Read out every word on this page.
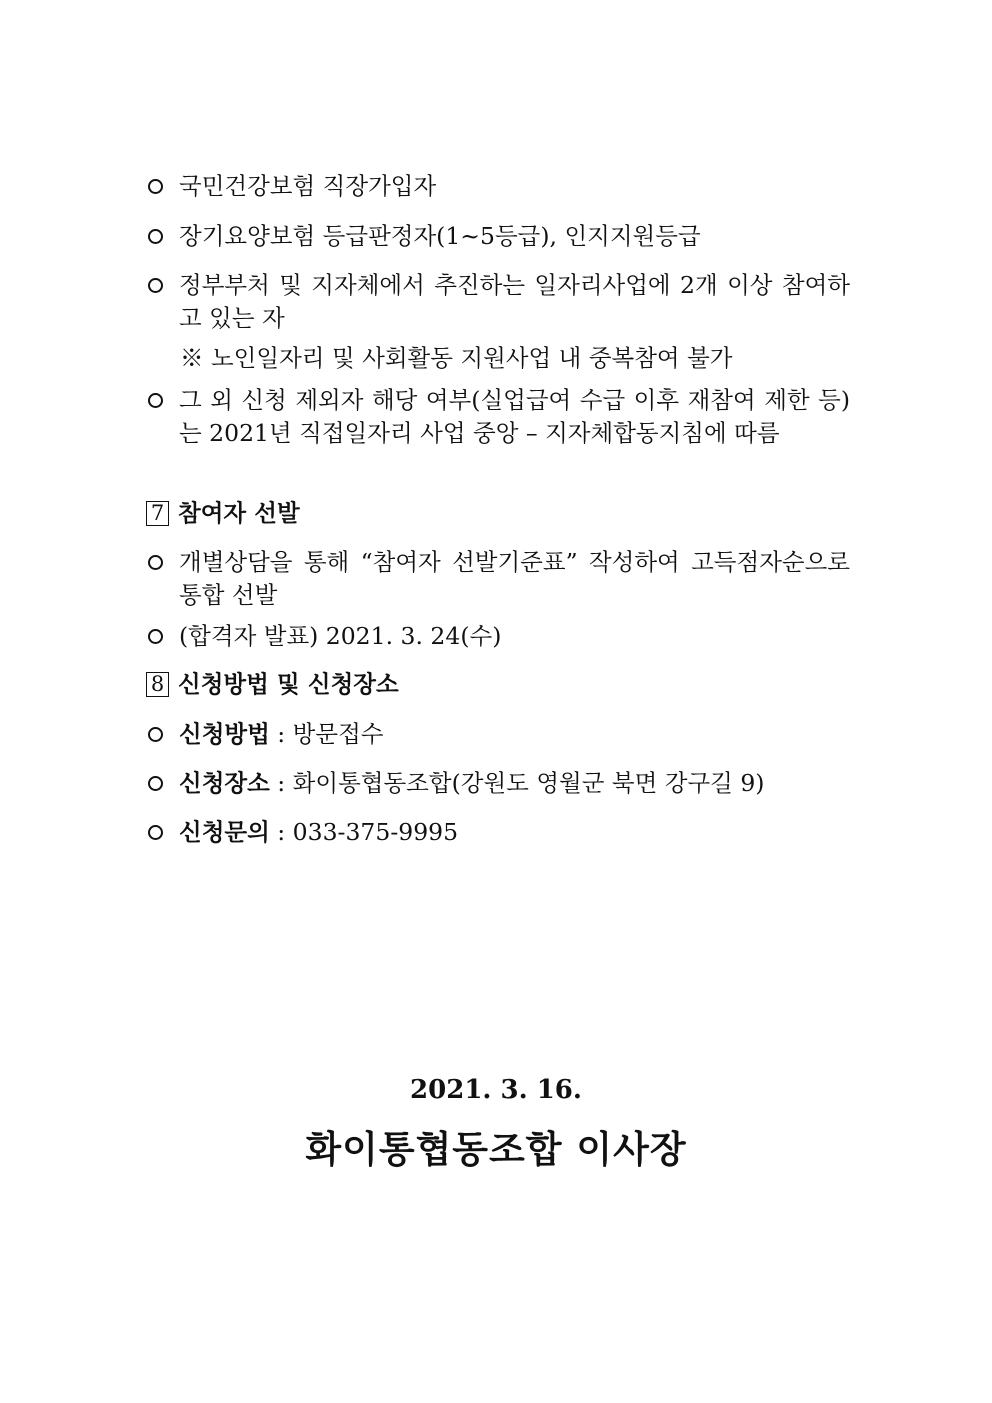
국민건강보험 직장가입자
장기요양보험 등급판정자(1~5등급), 인지지원등급
정부부처 및 지자체에서 추진하는 일자리사업에 2개 이상 참여하고 있는 자
※ 노인일자리 및 사회활동 지원사업 내 중복참여 불가
그 외 신청 제외자 해당 여부(실업급여 수급 이후 재참여 제한 등)는 2021년 직접일자리 사업 중앙 – 지자체합동지침에 따름
7 참여자 선발
개별상담을 통해 “참여자 선발기준표” 작성하여 고득점자순으로 통합 선발
(합격자 발표) 2021. 3. 24(수)
8 신청방법 및 신청장소
신청방법 : 방문접수
신청장소 : 화이통협동조합(강원도 영월군 북면 강구길 9)
신청문의 : 033-375-9995
2021. 3. 16.
화이통협동조합 이사장
